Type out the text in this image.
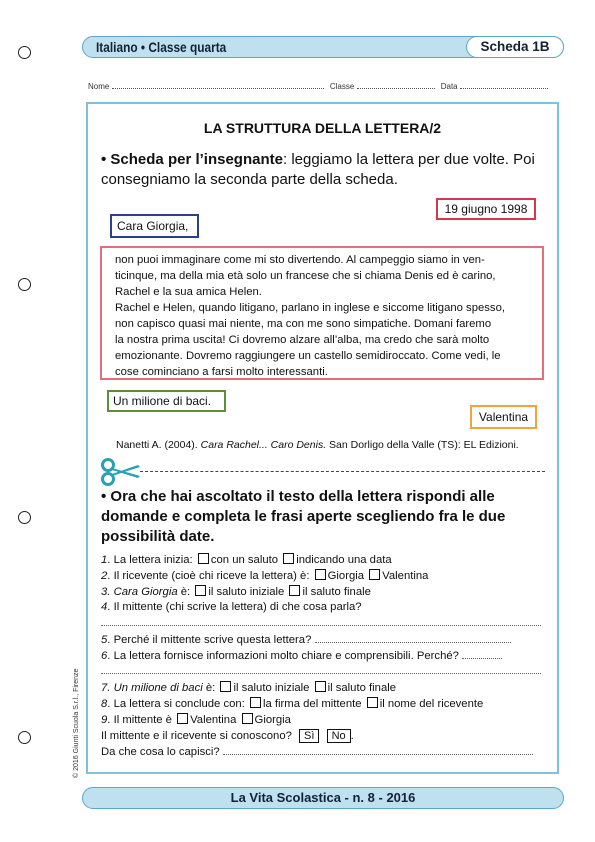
Italiano • Classe quarta	Scheda 1B
Nome	Classe	Data
LA STRUTTURA DELLA LETTERA/2
• Scheda per l’insegnante: leggiamo la lettera per due volte. Poi consegniamo la seconda parte della scheda.
19 giugno 1998
Cara Giorgia,
non puoi immaginare come mi sto divertendo. Al campeggio siamo in ven-
ticinque, ma della mia età solo un francese che si chiama Denis ed è carino,
Rachel e la sua amica Helen.
Rachel e Helen, quando litigano, parlano in inglese e siccome litigano spesso,
non capisco quasi mai niente, ma con me sono simpatiche. Domani faremo
la nostra prima uscita! Ci dovremo alzare all’alba, ma credo che sarà molto
emozionante. Dovremo raggiungere un castello semidiroccato. Come vedi, le
cose cominciano a farsi molto interessanti.
Un milione di baci.
Valentina
Nanetti A. (2004). Cara Rachel... Caro Denis. San Dorligo della Valle (TS): EL Edizioni.
• Ora che hai ascoltato il testo della lettera rispondi alle domande e completa le frasi aperte scegliendo fra le due possibilità date.
1. La lettera inizia: con un saluto indicando una data
2. Il ricevente (cioè chi riceve la lettera) è: Giorgia Valentina
3. Cara Giorgia è: il saluto iniziale il saluto finale
4. Il mittente (chi scrive la lettera) di che cosa parla?
5. Perché il mittente scrive questa lettera?
6. La lettera fornisce informazioni molto chiare e comprensibili. Perché?
7. Un milione di baci è: il saluto iniziale il saluto finale
8. La lettera si conclude con: la firma del mittente il nome del ricevente
9. Il mittente è Valentina Giorgia
Il mittente e il ricevente si conoscono? Sì No .
Da che cosa lo capisci?
© 2016 Giunti Scuola S.r.l., Firenze
La Vita Scolastica - n. 8 - 2016
